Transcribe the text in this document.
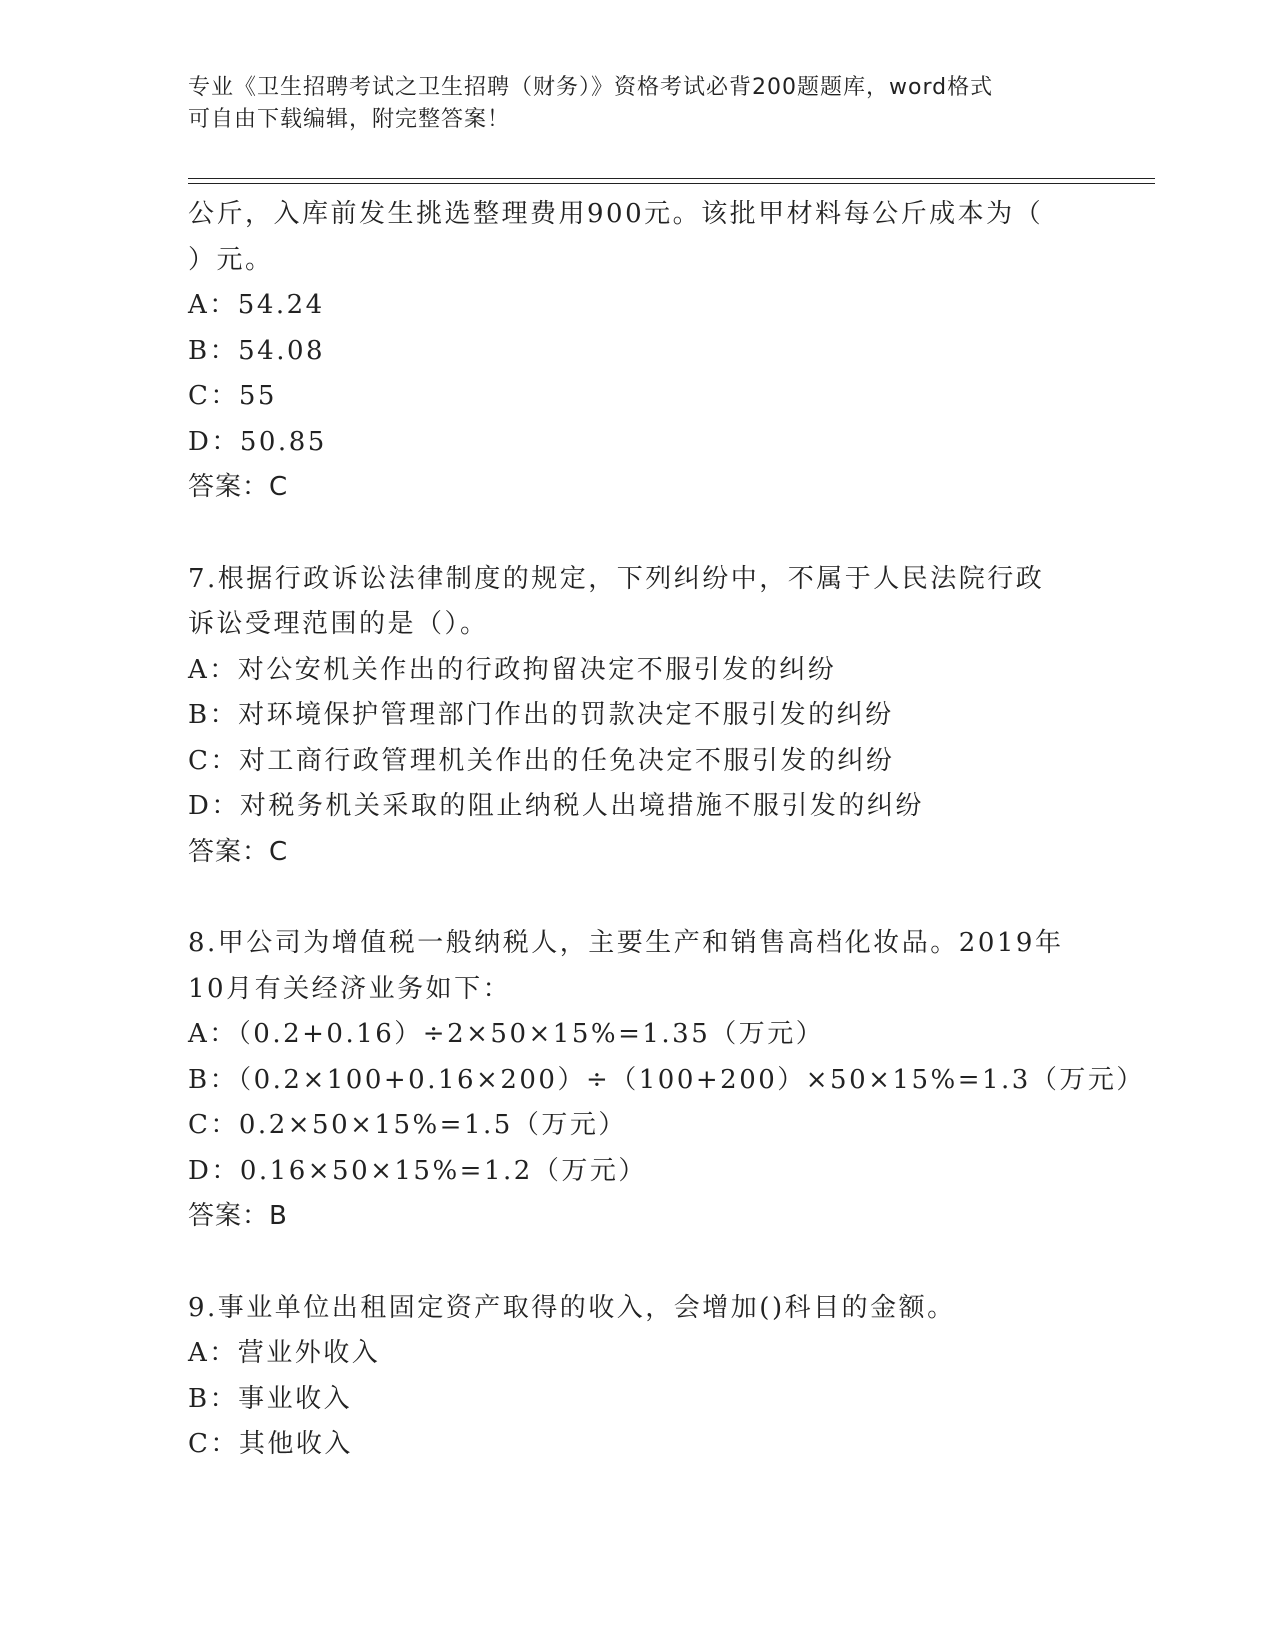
专业《卫生招聘考试之卫生招聘（财务）》资格考试必背200题题库，word格式
可自由下载编辑，附完整答案！
公斤，入库前发生挑选整理费用900元。该批甲材料每公斤成本为（
）元。
A：54.24
B：54.08
C：55
D：50.85
答案：C
7.根据行政诉讼法律制度的规定，下列纠纷中，不属于人民法院行政
诉讼受理范围的是（）。
A：对公安机关作出的行政拘留决定不服引发的纠纷
B：对环境保护管理部门作出的罚款决定不服引发的纠纷
C：对工商行政管理机关作出的任免决定不服引发的纠纷
D：对税务机关采取的阻止纳税人出境措施不服引发的纠纷
答案：C
8.甲公司为增值税一般纳税人，主要生产和销售高档化妆品。2019年
10月有关经济业务如下：
A：（0.2+0.16）÷2×50×15%=1.35（万元）
B：（0.2×100+0.16×200）÷（100+200）×50×15%=1.3（万元）
C：0.2×50×15%=1.5（万元）
D：0.16×50×15%=1.2（万元）
答案：B
9.事业单位出租固定资产取得的收入，会增加()科目的金额。
A：营业外收入
B：事业收入
C：其他收入
